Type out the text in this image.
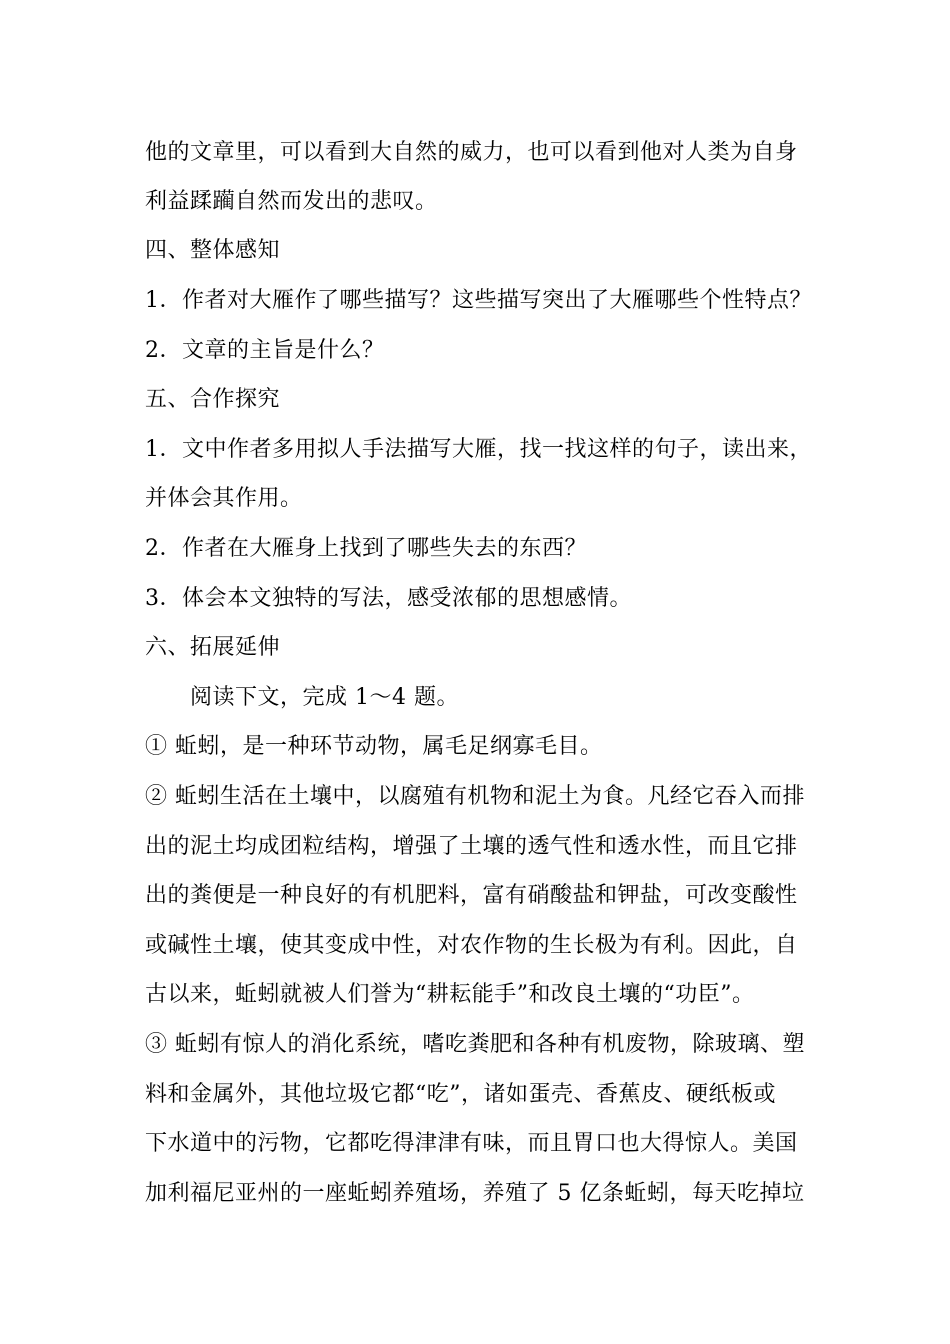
他的文章里，可以看到大自然的威力，也可以看到他对人类为自身
利益蹂躏自然而发出的悲叹。
四、整体感知
1．作者对大雁作了哪些描写？这些描写突出了大雁哪些个性特点？
2．文章的主旨是什么？
五、合作探究
1．文中作者多用拟人手法描写大雁，找一找这样的句子，读出来，
并体会其作用。
2．作者在大雁身上找到了哪些失去的东西？
3．体会本文独特的写法，感受浓郁的思想感情。
六、拓展延伸
阅读下文，完成 1～4 题。
① 蚯蚓，是一种环节动物，属毛足纲寡毛目。
② 蚯蚓生活在土壤中，以腐殖有机物和泥土为食。凡经它吞入而排
出的泥土均成团粒结构，增强了土壤的透气性和透水性，而且它排
出的粪便是一种良好的有机肥料，富有硝酸盐和钾盐，可改变酸性
或碱性土壤，使其变成中性，对农作物的生长极为有利。因此，自
古以来，蚯蚓就被人们誉为“耕耘能手”和改良土壤的“功臣”。
③ 蚯蚓有惊人的消化系统，嗜吃粪肥和各种有机废物，除玻璃、塑
料和金属外，其他垃圾它都“吃”，诸如蛋壳、香蕉皮、硬纸板或
下水道中的污物，它都吃得津津有味，而且胃口也大得惊人。美国
加利福尼亚州的一座蚯蚓养殖场，养殖了 5 亿条蚯蚓，每天吃掉垃
